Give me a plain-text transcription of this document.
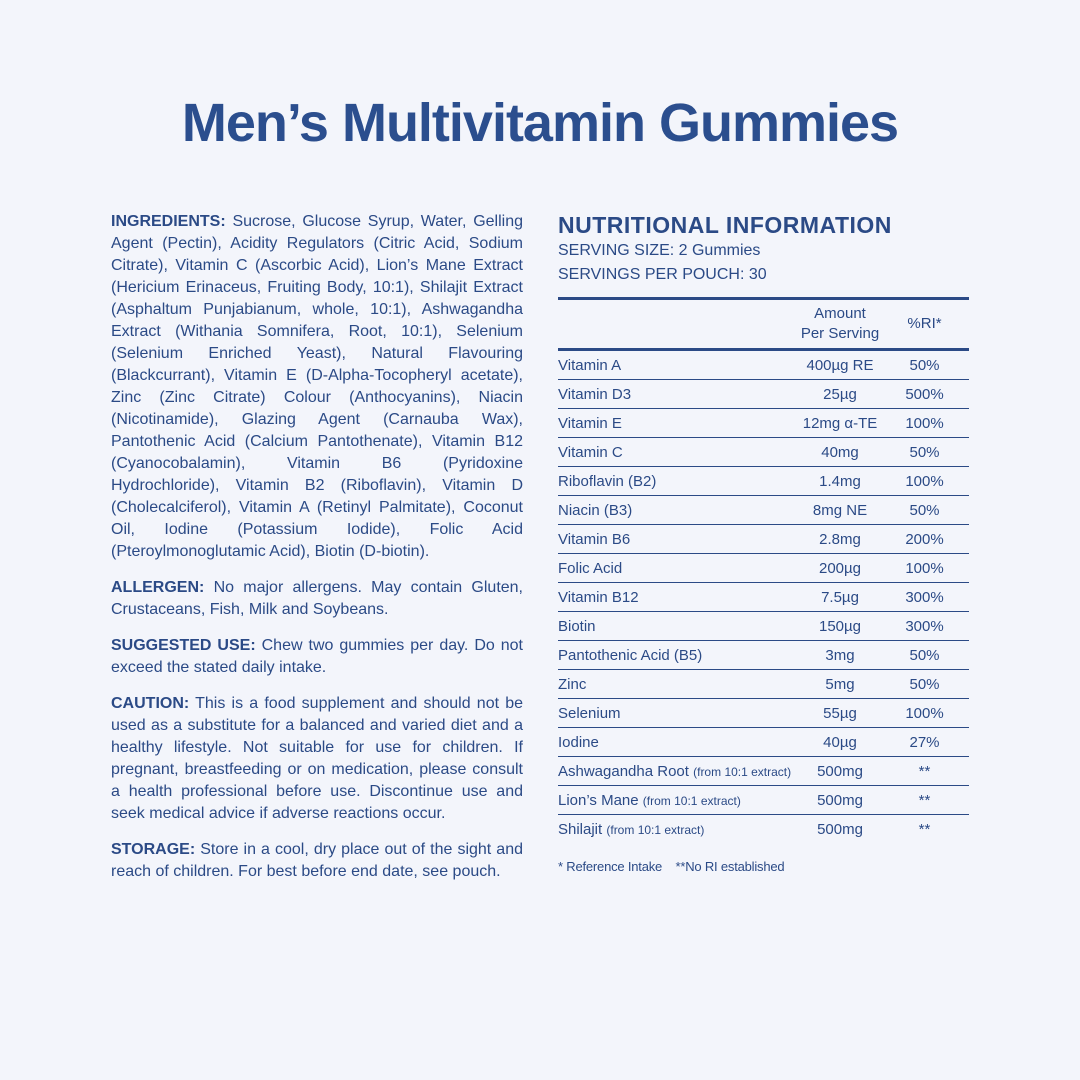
Men’s Multivitamin Gummies

INGREDIENTS: Sucrose, Glucose Syrup, Water, Gelling Agent (Pectin), Acidity Regulators (Citric Acid, Sodium Citrate), Vitamin C (Ascorbic Acid), Lion’s Mane Extract (Hericium Erinaceus, Fruiting Body, 10:1), Shilajit Extract (Asphaltum Punjabianum, whole, 10:1), Ashwagandha Extract (Withania Somnifera, Root, 10:1), Selenium (Selenium Enriched Yeast), Natural Flavouring (Blackcurrant), Vitamin E (D-Alpha-Tocopheryl acetate), Zinc (Zinc Citrate) Colour (Anthocyanins), Niacin (Nicotinamide), Glazing Agent (Carnauba Wax), Pantothenic Acid (Calcium Pantothenate), Vitamin B12 (Cyanocobalamin), Vitamin B6 (Pyridoxine Hydrochloride), Vitamin B2 (Riboflavin), Vitamin D (Cholecalciferol), Vitamin A (Retinyl Palmitate), Coconut Oil, Iodine (Potassium Iodide), Folic Acid (Pteroylmonoglutamic Acid), Biotin (D-biotin).

ALLERGEN: No major allergens. May contain Gluten, Crustaceans, Fish, Milk and Soybeans.

SUGGESTED USE: Chew two gummies per day. Do not exceed the stated daily intake.

CAUTION: This is a food supplement and should not be used as a substitute for a balanced and varied diet and a healthy lifestyle. Not suitable for use for children. If pregnant, breastfeeding or on medication, please consult a health professional before use. Discontinue use and seek medical advice if adverse reactions occur.

STORAGE: Store in a cool, dry place out of the sight and reach of children. For best before end date, see pouch.

NUTRITIONAL INFORMATION

SERVING SIZE: 2 Gummies

SERVINGS PER POUCH: 30

	Amount
Per Serving	%RI*
Vitamin A	400µg RE	50%
Vitamin D3	25µg	500%
Vitamin E	12mg α-TE	100%
Vitamin C	40mg	50%
Riboflavin (B2)	1.4mg	100%
Niacin (B3)	8mg NE	50%
Vitamin B6	2.8mg	200%
Folic Acid	200µg	100%
Vitamin B12	7.5µg	300%
Biotin	150µg	300%
Pantothenic Acid (B5)	3mg	50%
Zinc	5mg	50%
Selenium	55µg	100%
Iodine	40µg	27%
Ashwagandha Root (from 10:1 extract)	500mg	**
Lion’s Mane (from 10:1 extract)	500mg	**
Shilajit (from 10:1 extract)	500mg	**
* Reference Intake **No RI established
